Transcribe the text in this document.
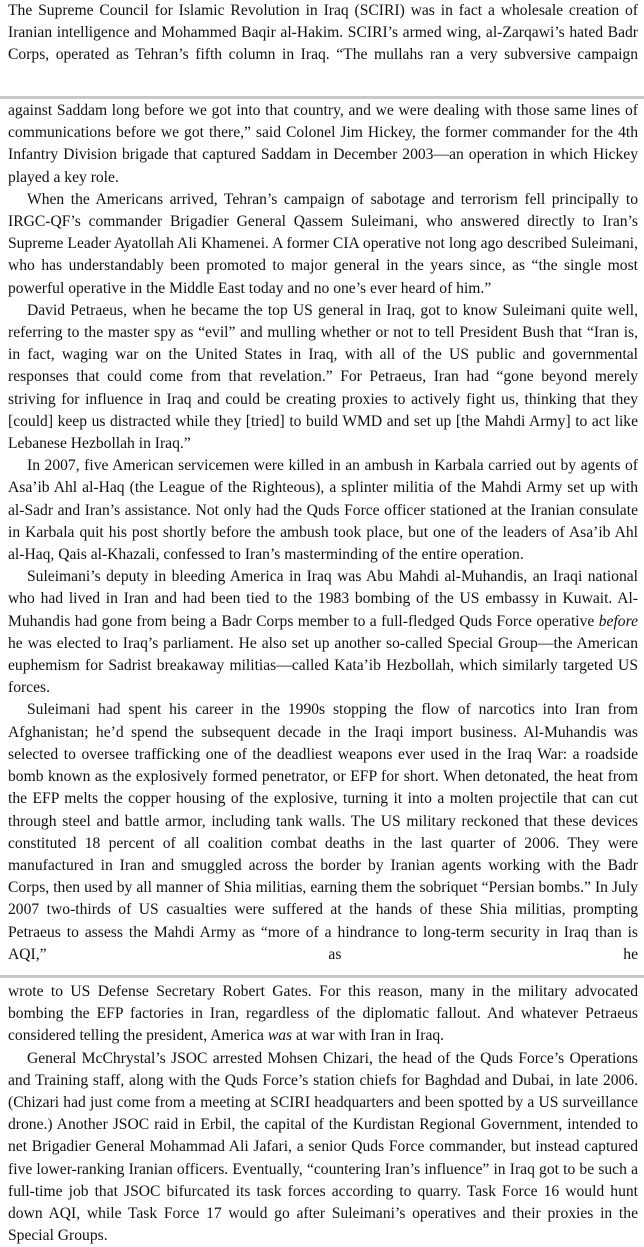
The Supreme Council for Islamic Revolution in Iraq (SCIRI) was in fact a wholesale creation of Iranian intelligence and Mohammed Baqir al-Hakim. SCIRI’s armed wing, al-Zarqawi’s hated Badr Corps, operated as Tehran’s fifth column in Iraq. “The mullahs ran a very subversive campaign

against Saddam long before we got into that country, and we were dealing with those same lines of communications before we got there,” said Colonel Jim Hickey, the former commander for the 4th Infantry Division brigade that captured Saddam in December 2003—an operation in which Hickey played a key role.

When the Americans arrived, Tehran’s campaign of sabotage and terrorism fell principally to IRGC-QF’s commander Brigadier General Qassem Suleimani, who answered directly to Iran’s Supreme Leader Ayatollah Ali Khamenei. A former CIA operative not long ago described Suleimani, who has understandably been promoted to major general in the years since, as “the single most powerful operative in the Middle East today and no one’s ever heard of him.”

David Petraeus, when he became the top US general in Iraq, got to know Suleimani quite well, referring to the master spy as “evil” and mulling whether or not to tell President Bush that “Iran is, in fact, waging war on the United States in Iraq, with all of the US public and governmental responses that could come from that revelation.” For Petraeus, Iran had “gone beyond merely striving for influence in Iraq and could be creating proxies to actively fight us, thinking that they [could] keep us distracted while they [tried] to build WMD and set up [the Mahdi Army] to act like Lebanese Hezbollah in Iraq.”

In 2007, five American servicemen were killed in an ambush in Karbala carried out by agents of Asa’ib Ahl al-Haq (the League of the Righteous), a splinter militia of the Mahdi Army set up with al-Sadr and Iran’s assistance. Not only had the Quds Force officer stationed at the Iranian consulate in Karbala quit his post shortly before the ambush took place, but one of the leaders of Asa’ib Ahl al-Haq, Qais al-Khazali, confessed to Iran’s masterminding of the entire operation.

Suleimani’s deputy in bleeding America in Iraq was Abu Mahdi al-Muhandis, an Iraqi national who had lived in Iran and had been tied to the 1983 bombing of the US embassy in Kuwait. Al-Muhandis had gone from being a Badr Corps member to a full-fledged Quds Force operative before he was elected to Iraq’s parliament. He also set up another so-called Special Group—the American euphemism for Sadrist breakaway militias—called Kata’ib Hezbollah, which similarly targeted US forces.

Suleimani had spent his career in the 1990s stopping the flow of narcotics into Iran from Afghanistan; he’d spend the subsequent decade in the Iraqi import business. Al-Muhandis was selected to oversee trafficking one of the deadliest weapons ever used in the Iraq War: a roadside bomb known as the explosively formed penetrator, or EFP for short. When detonated, the heat from the EFP melts the copper housing of the explosive, turning it into a molten projectile that can cut through steel and battle armor, including tank walls. The US military reckoned that these devices constituted 18 percent of all coalition combat deaths in the last quarter of 2006. They were manufactured in Iran and smuggled across the border by Iranian agents working with the Badr Corps, then used by all manner of Shia militias, earning them the sobriquet “Persian bombs.” In July 2007 two-thirds of US casualties were suffered at the hands of these Shia militias, prompting Petraeus to assess the Mahdi Army as “more of a hindrance to long-term security in Iraq than is AQI,” as he

wrote to US Defense Secretary Robert Gates. For this reason, many in the military advocated bombing the EFP factories in Iran, regardless of the diplomatic fallout. And whatever Petraeus considered telling the president, America was at war with Iran in Iraq.

General McChrystal’s JSOC arrested Mohsen Chizari, the head of the Quds Force’s Operations and Training staff, along with the Quds Force’s station chiefs for Baghdad and Dubai, in late 2006. (Chizari had just come from a meeting at SCIRI headquarters and been spotted by a US surveillance drone.) Another JSOC raid in Erbil, the capital of the Kurdistan Regional Government, intended to net Brigadier General Mohammad Ali Jafari, a senior Quds Force commander, but instead captured five lower-ranking Iranian officers. Eventually, “countering Iran’s influence” in Iraq got to be such a full-time job that JSOC bifurcated its task forces according to quarry. Task Force 16 would hunt down AQI, while Task Force 17 would go after Suleimani’s operatives and their proxies in the Special Groups.
